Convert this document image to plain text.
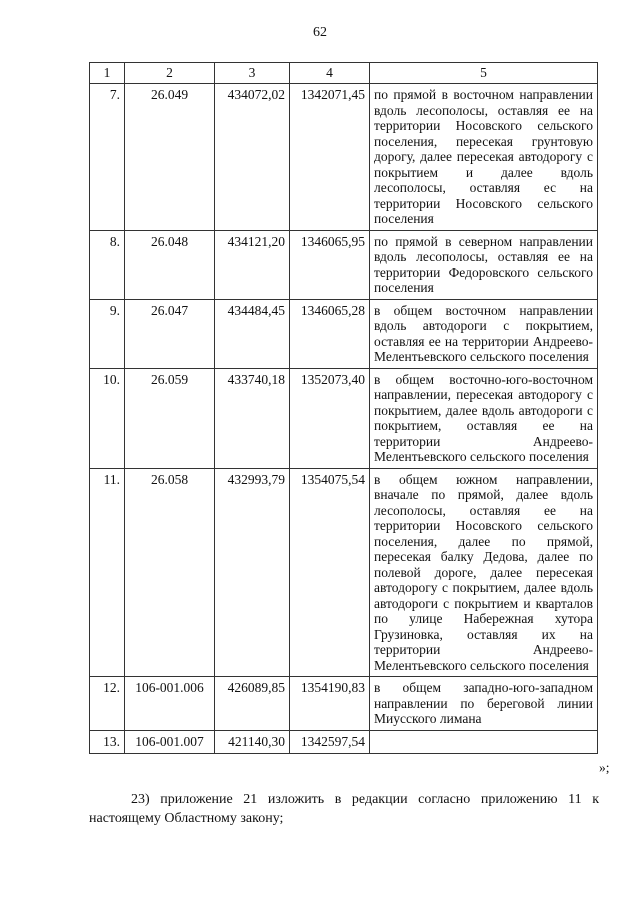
62
1	2	3	4	5
7.	26.049	434072,02	1342071,45	по прямой в восточном направлении вдоль лесополосы, оставляя ее на территории Носовского сельского поселения, пересекая грунтовую дорогу, далее пересекая автодорогу с покрытием и далее вдоль лесополосы, оставляя ес на территории Носовского сельского поселения
8.	26.048	434121,20	1346065,95	по прямой в северном направлении вдоль лесополосы, оставляя ее на территории Федоровского сельского поселения
9.	26.047	434484,45	1346065,28	в общем восточном направлении вдоль автодороги с покрытием, оставляя ее на территории Андреево-Мелентьевского сельского поселения
10.	26.059	433740,18	1352073,40	в общем восточно-юго-восточном направлении, пересекая автодорогу с покрытием, далее вдоль автодороги с покрытием, оставляя ее на территории Андреево-Мелентьевского сельского поселения
11.	26.058	432993,79	1354075,54	в общем южном направлении, вначале по прямой, далее вдоль лесополосы, оставляя ее на территории Носовского сельского поселения, далее по прямой, пересекая балку Дедова, далее по полевой дороге, далее пересекая автодорогу с покрытием, далее вдоль автодороги с покрытием и кварталов по улице Набережная хутора Грузиновка, оставляя их на территории Андреево-Мелентьевского сельского поселения
12.	106-001.006	426089,85	1354190,83	в общем западно-юго-западном направлении по береговой линии Миусского лимана
13.	106-001.007	421140,30	1342597,54	
»;
23) приложение 21 изложить в редакции согласно приложению 11 к настоящему Областному закону;
